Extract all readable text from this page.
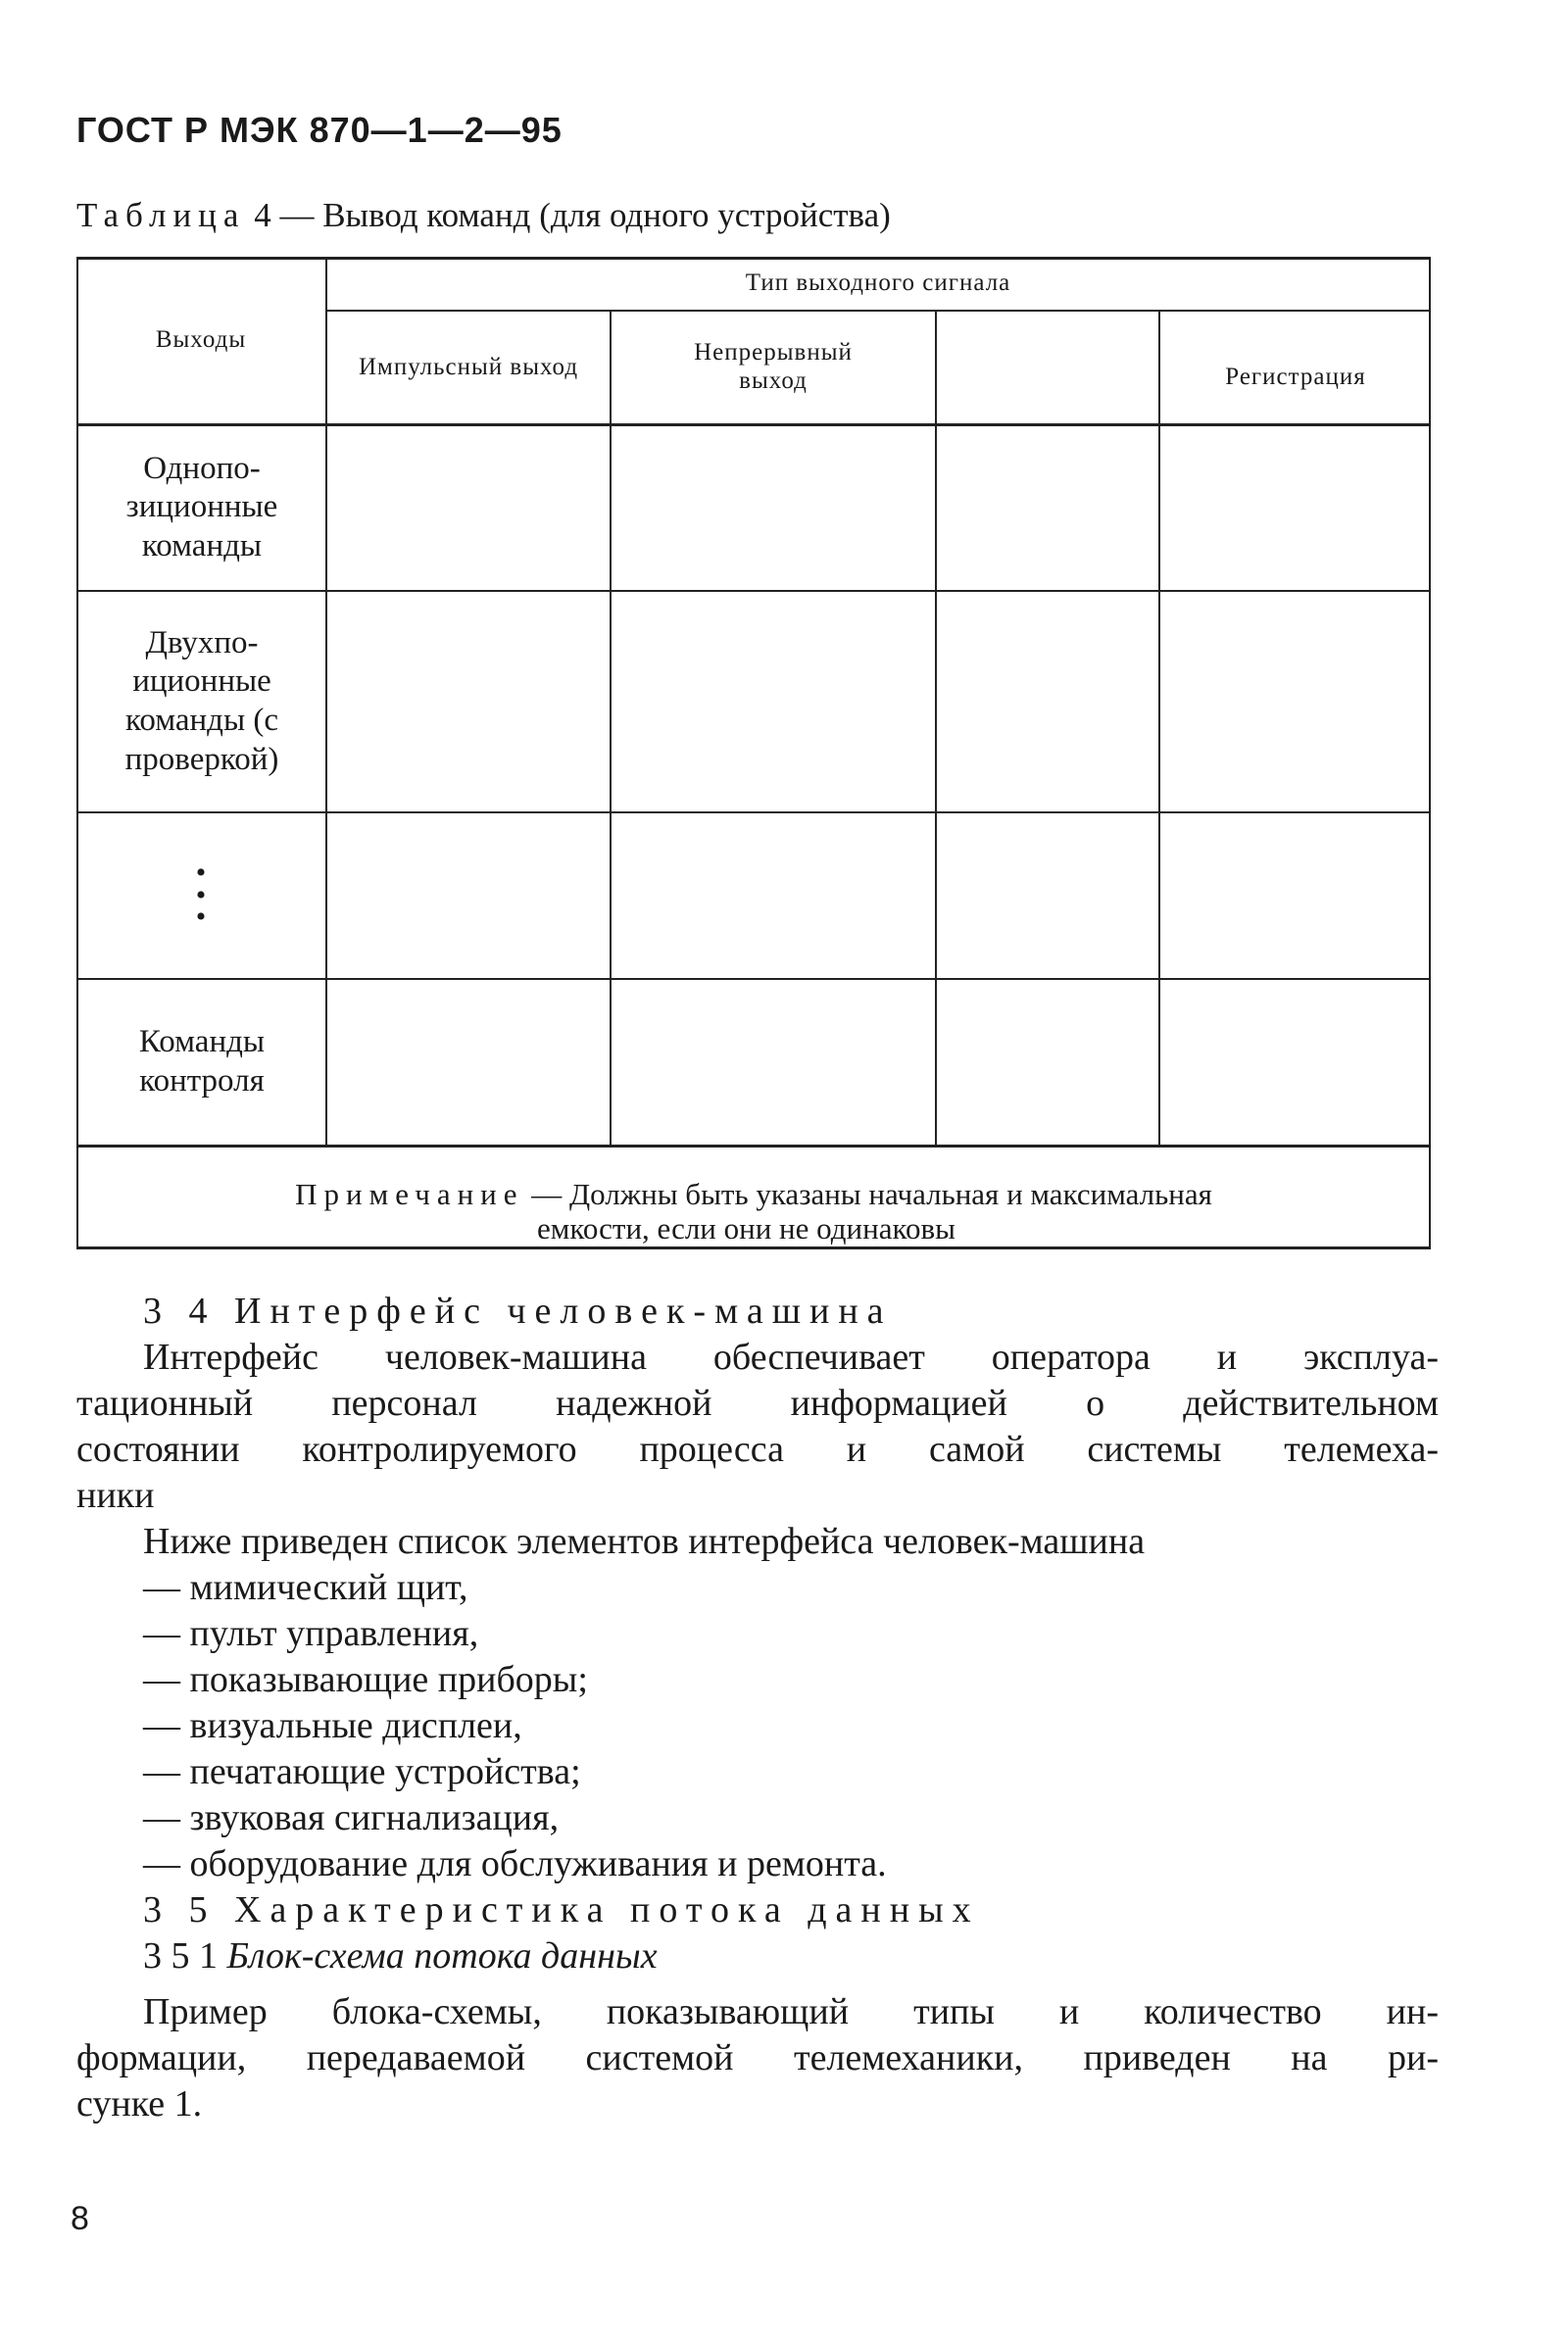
ГОСТ Р МЭК 870—1—2—95
Таблица 4 — Вывод команд (для одного устройства)
Выходы
Тип выходного сигнала
Импульсный выход
Непрерывный выход	Регистрация
Однопо-зиционные команды
Двухпо-иционные команды (с проверкой)
•
•
•
Команды контроля
Примечание — Должны быть указаны начальная и максимальная
емкости, если они не одинаковы
3 4 Интерфейс человек-машина
Интерфейс человек-машина обеспечивает оператора и эксплуа-
тационный персонал надежной информацией о действительном
состоянии контролируемого процесса и самой системы телемеха-
ники
Ниже приведен список элементов интерфейса человек-машина
— мимический щит,
— пульт управления,
— показывающие приборы;
— визуальные дисплеи,
— печатающие устройства;
— звуковая сигнализация,
— оборудование для обслуживания и ремонта.
3 5 Характеристика потока данных
3 5 1 Блок-схема потока данных
Пример блока-схемы, показывающий типы и количество ин-
формации, передаваемой системой телемеханики, приведен на ри-
сунке 1.
8
